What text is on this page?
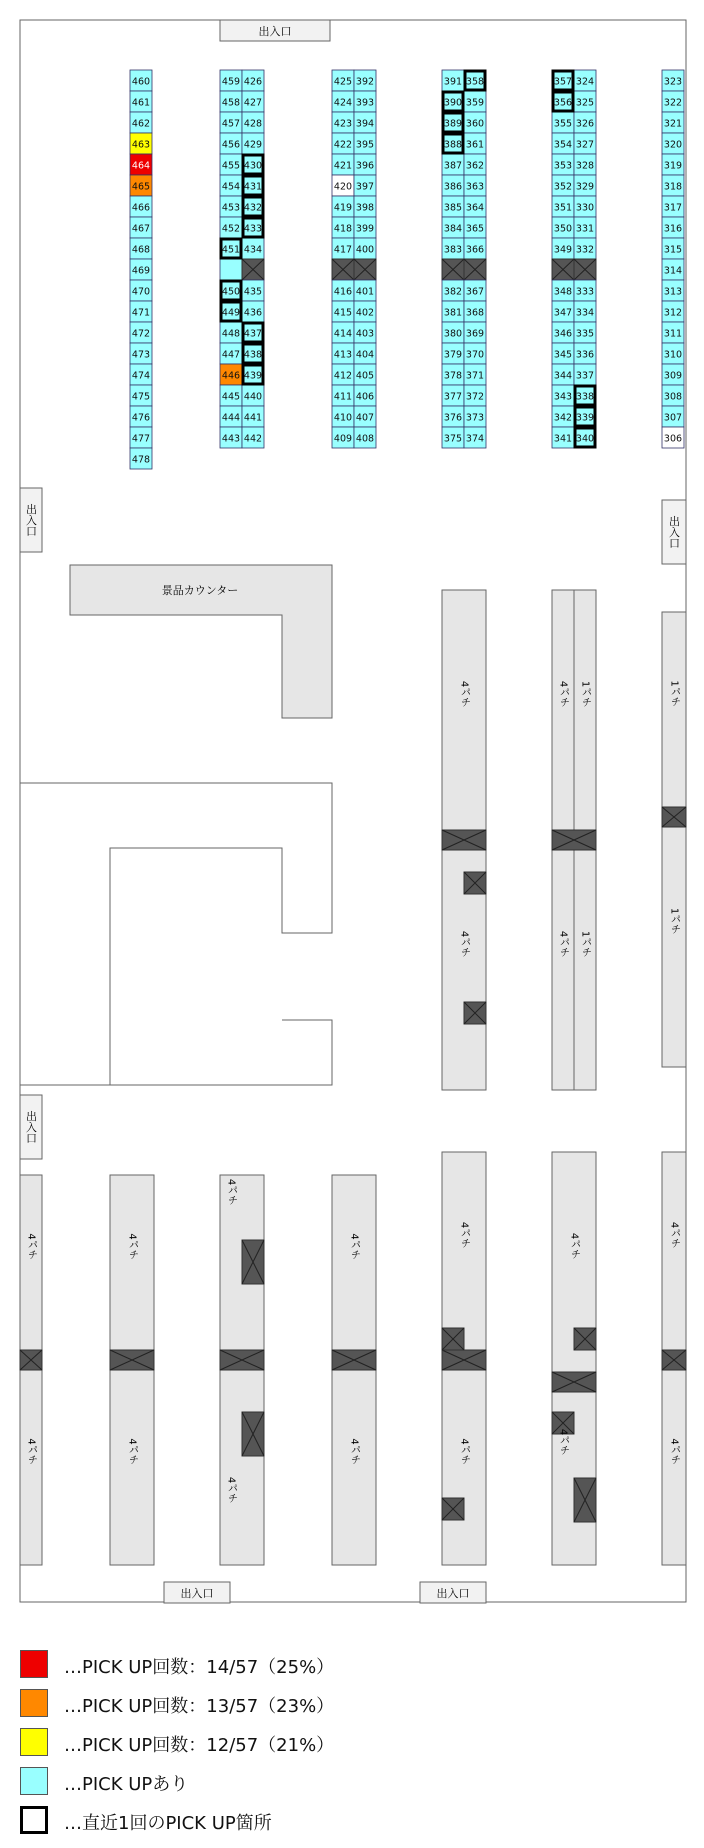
出入口
出入口	出入口
出入口
出入口	出入口
景品カウンター
4パチ
4パチ
4パチ 1パチ
4パチ 1パチ
1パチ
1パチ
4パチ
4パチ
4パチ
4パチ
4パチ
4パチ
4パチ
4パチ
4パチ
4パチ
4パチ
4パチ
4パチ
4パチ
460
461
462
463
464
465
466
467
468
469
470
471
472
473
474
475
476
477
478
459
458
457
456
455
454
453
452
451
450
449
448
447
446
445
444
443
426
427
428
429
430
431
432
433
434
435
436
437
438
439
440
441
442
425
424
423
422
421
420
419
418
417
416
415
414
413
412
411
410
409
392
393
394
395
396
397
398
399
400
401
402
403
404
405
406
407
408
391
390
389
388
387
386
385
384
383
382
381
380
379
378
377
376
375
358
359
360
361
362
363
364
365
366
367
368
369
370
371
372
373
374
357
356
355
354
353
352
351
350
349
348
347
346
345
344
343
342
341
324
325
326
327
328
329
330
331
332
333
334
335
336
337
338
339
340
323
322
321
320
319
318
317
316
315
314
313
312
311
310
309
308
307
306
…PICK UP回数：14/57（25%）
…PICK UP回数：13/57（23%）
…PICK UP回数：12/57（21%）
…PICK UPあり
…直近1回のPICK UP箇所
